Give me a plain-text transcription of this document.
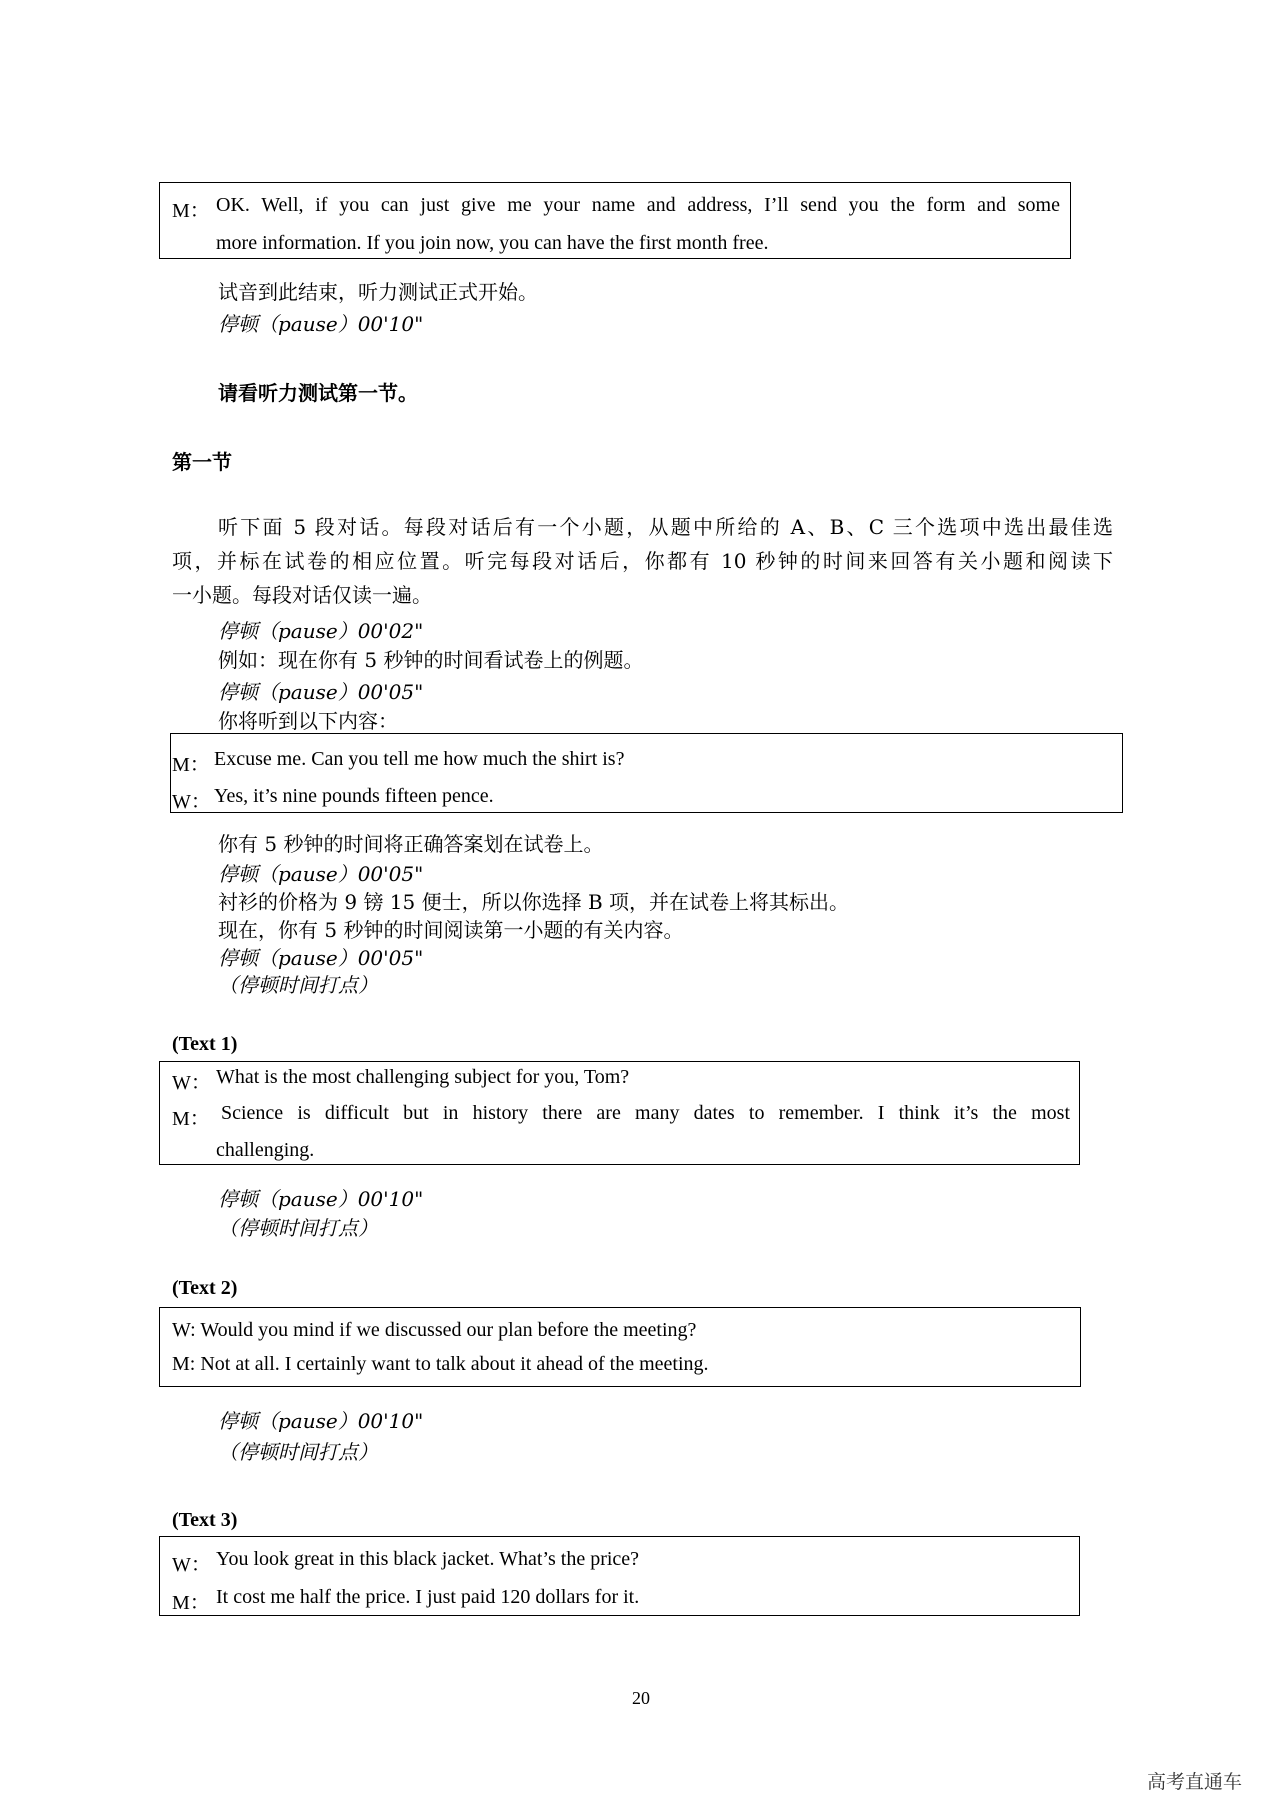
M： OK. Well, if you can just give me your name and address, I’ll send you the form and some
more information. If you join now, you can have the first month free.
试音到此结束，听力测试正式开始。
停顿（pause）00'10"
请看听力测试第一节。
第一节
听下面 5 段对话。每段对话后有一个小题，从题中所给的 A、B、C 三个选项中选出最佳选
项，并标在试卷的相应位置。听完每段对话后，你都有 10 秒钟的时间来回答有关小题和阅读下
一小题。每段对话仅读一遍。
停顿（pause）00'02"
例如：现在你有 5 秒钟的时间看试卷上的例题。
停顿（pause）00'05"
你将听到以下内容：
M： Excuse me. Can you tell me how much the shirt is?
W： Yes, it’s nine pounds fifteen pence.
你有 5 秒钟的时间将正确答案划在试卷上。
停顿（pause）00'05"
衬衫的价格为 9 镑 15 便士，所以你选择 B 项，并在试卷上将其标出。
现在，你有 5 秒钟的时间阅读第一小题的有关内容。
停顿（pause）00'05"
（停顿时间打点）
(Text 1)
W： What is the most challenging subject for you, Tom?
M： Science is difficult but in history there are many dates to remember. I think it’s the most
challenging.
停顿（pause）00'10"
（停顿时间打点）
(Text 2)
W: Would you mind if we discussed our plan before the meeting?
M: Not at all. I certainly want to talk about it ahead of the meeting.
停顿（pause）00'10"
（停顿时间打点）
(Text 3)
W： You look great in this black jacket. What’s the price?
M： It cost me half the price. I just paid 120 dollars for it.
20
高考直通车
